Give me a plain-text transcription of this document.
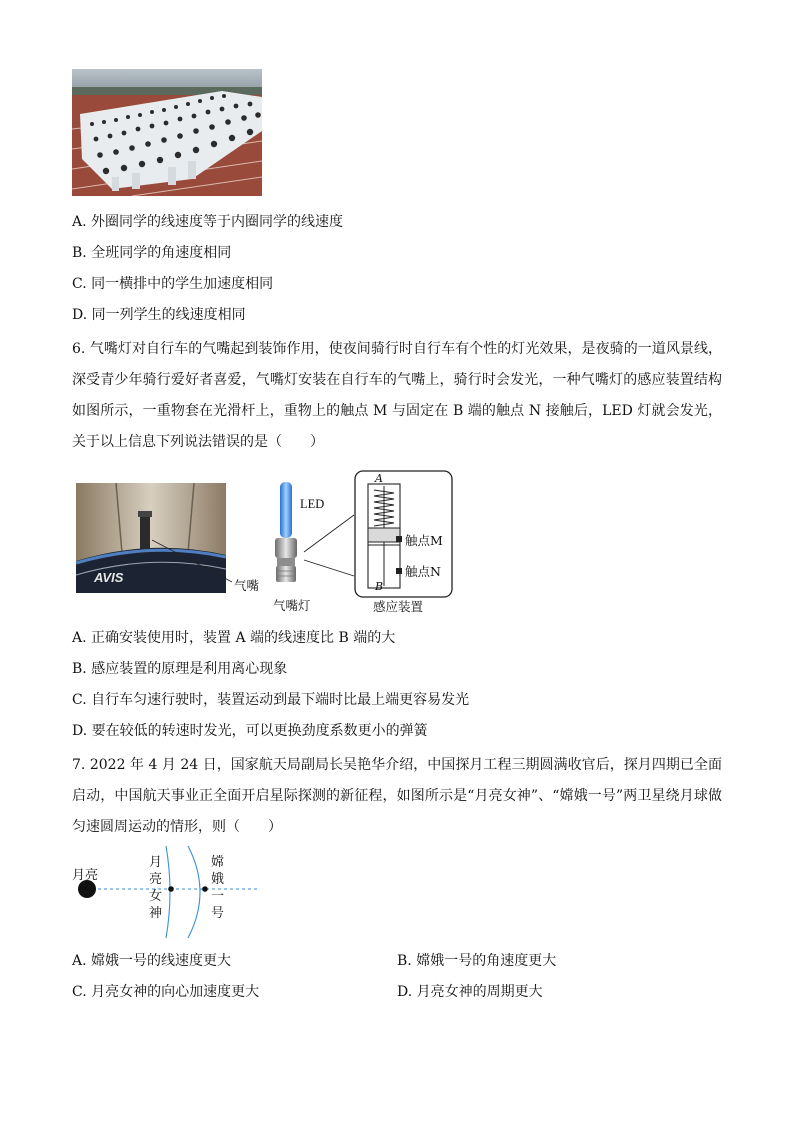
A. 外圈同学的线速度等于内圈同学的线速度
B. 全班同学的角速度相同
C. 同一横排中的学生加速度相同
D. 同一列学生的线速度相同
6. 气嘴灯对自行车的气嘴起到装饰作用，使夜间骑行时自行车有个性的灯光效果，是夜骑的一道风景线，深受青少年骑行爱好者喜爱，气嘴灯安装在自行车的气嘴上，骑行时会发光，一种气嘴灯的感应装置结构如图所示，一重物套在光滑杆上，重物上的触点 M 与固定在 B 端的触点 N 接触后，LED 灯就会发光，关于以上信息下列说法错误的是（　　）
AVIS
气嘴
LED
气嘴灯
A
B
触点M
触点N
感应装置
A. 正确安装使用时，装置 A 端的线速度比 B 端的大
B. 感应装置的原理是利用离心现象
C. 自行车匀速行驶时，装置运动到最下端时比最上端更容易发光
D. 要在较低的转速时发光，可以更换劲度系数更小的弹簧
7. 2022 年 4 月 24 日，国家航天局副局长吴艳华介绍，中国探月工程三期圆满收官后，探月四期已全面启动，中国航天事业正全面开启星际探测的新征程，如图所示是“月亮女神”、“嫦娥一号”两卫星绕月球做匀速圆周运动的情形，则（　　）
月亮
月
亮
女
神
嫦
娥
一
号
A. 嫦娥一号的线速度更大	B. 嫦娥一号的角速度更大
C. 月亮女神的向心加速度更大	D. 月亮女神的周期更大
